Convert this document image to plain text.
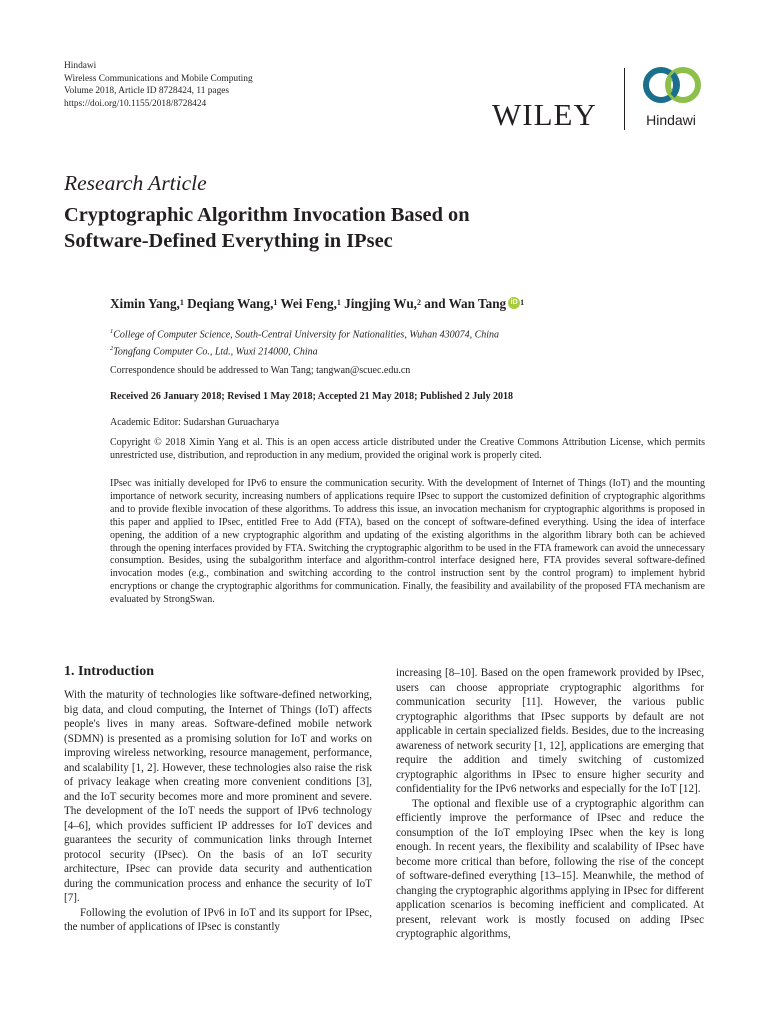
Hindawi
Wireless Communications and Mobile Computing
Volume 2018, Article ID 8728424, 11 pages
https://doi.org/10.1155/2018/8728424	WILEY	Hindawi
Research Article
Cryptographic Algorithm Invocation Based on
Software-Defined Everything in IPsec
Ximin Yang,$^1$ Deqiang Wang,$^1$ Wei Feng,$^1$ Jingjing Wu,$^2$ and Wan Tang iD $^1$
$^1$College of Computer Science, South-Central University for Nationalities, Wuhan 430074, China
$^2$Tongfang Computer Co., Ltd., Wuxi 214000, China
Correspondence should be addressed to Wan Tang; tangwan@scuec.edu.cn
Received 26 January 2018; Revised 1 May 2018; Accepted 21 May 2018; Published 2 July 2018
Academic Editor: Sudarshan Guruacharya
Copyright © 2018 Ximin Yang et al. This is an open access article distributed under the Creative Commons Attribution License, which permits unrestricted use, distribution, and reproduction in any medium, provided the original work is properly cited.
IPsec was initially developed for IPv6 to ensure the communication security. With the development of Internet of Things (IoT) and the mounting importance of network security, increasing numbers of applications require IPsec to support the customized definition of cryptographic algorithms and to provide flexible invocation of these algorithms. To address this issue, an invocation mechanism for cryptographic algorithms is proposed in this paper and applied to IPsec, entitled Free to Add (FTA), based on the concept of software-defined everything. Using the idea of interface opening, the addition of a new cryptographic algorithm and updating of the existing algorithms in the algorithm library both can be achieved through the opening interfaces provided by FTA. Switching the cryptographic algorithm to be used in the FTA framework can avoid the unnecessary consumption. Besides, using the subalgorithm interface and algorithm-control interface designed here, FTA provides several software-defined invocation modes (e.g., combination and switching according to the control instruction sent by the control program) to implement hybrid encryptions or change the cryptographic algorithms for communication. Finally, the feasibility and availability of the proposed FTA mechanism are evaluated by StrongSwan.
1. Introduction

With the maturity of technologies like software-defined networking, big data, and cloud computing, the Internet of Things (IoT) affects people's lives in many areas. Software-defined mobile network (SDMN) is presented as a promising solution for IoT and works on improving wireless networking, resource management, performance, and scalability [1, 2]. However, these technologies also raise the risk of privacy leakage when creating more convenient conditions [3], and the IoT security becomes more and more prominent and severe. The development of the IoT needs the support of IPv6 technology [4–6], which provides sufficient IP addresses for IoT devices and guarantees the security of communication links through Internet protocol security (IPsec). On the basis of an IoT security architecture, IPsec can provide data security and authentication during the communication process and enhance the security of IoT [7].

Following the evolution of IPv6 in IoT and its support for IPsec, the number of applications of IPsec is constantly

increasing [8–10]. Based on the open framework provided by IPsec, users can choose appropriate cryptographic algorithms for communication security [11]. However, the various public cryptographic algorithms that IPsec supports by default are not applicable in certain specialized fields. Besides, due to the increasing awareness of network security [1, 12], applications are emerging that require the addition and timely switching of customized cryptographic algorithms in IPsec to ensure higher security and confidentiality for the IPv6 networks and especially for the IoT [12].

The optional and flexible use of a cryptographic algorithm can efficiently improve the performance of IPsec and reduce the consumption of the IoT employing IPsec when the key is long enough. In recent years, the flexibility and scalability of IPsec have become more critical than before, following the rise of the concept of software-defined everything [13–15]. Meanwhile, the method of changing the cryptographic algorithms applying in IPsec for different application scenarios is becoming inefficient and complicated. At present, relevant work is mostly focused on adding IPsec cryptographic algorithms,
